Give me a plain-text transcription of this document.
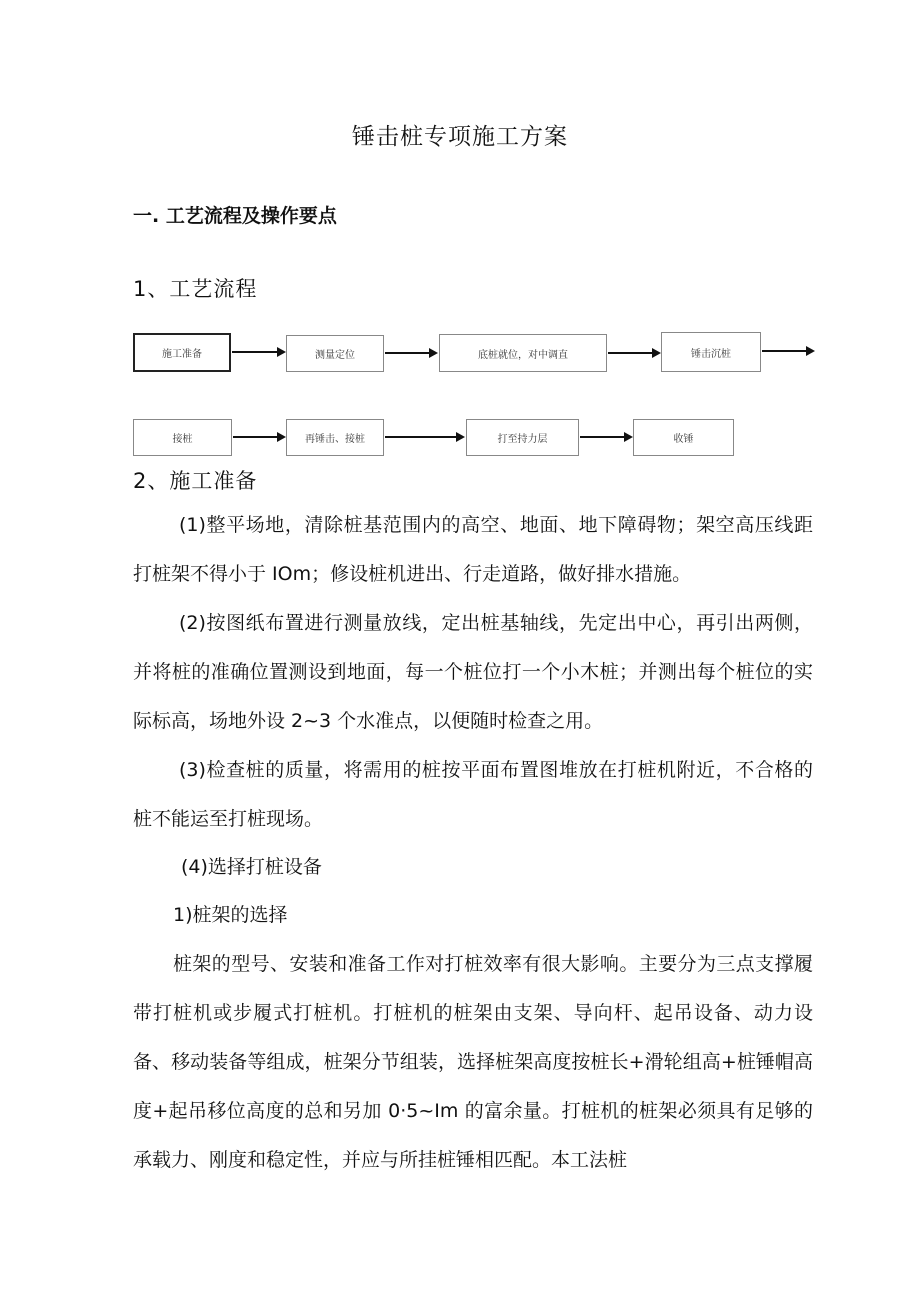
锤击桩专项施工方案
一. 工艺流程及操作要点
1、工艺流程
施工准备	测量定位	底桩就位，对中调直	锤击沉桩
接桩	再锤击、接桩	打至持力层	收锤
2、施工准备

(1)整平场地，清除桩基范围内的高空、地面、地下障碍物；架空高压线距打桩架不得小于 IOm；修设桩机进出、行走道路，做好排水措施。

(2)按图纸布置进行测量放线，定出桩基轴线，先定出中心，再引出两侧，并将桩的准确位置测设到地面，每一个桩位打一个小木桩；并测出每个桩位的实际标高，场地外设 2~3 个水准点，以便随时检查之用。

(3)检查桩的质量，将需用的桩按平面布置图堆放在打桩机附近，不合格的桩不能运至打桩现场。

(4)选择打桩设备

1)桩架的选择

桩架的型号、安装和准备工作对打桩效率有很大影响。主要分为三点支撑履带打桩机或步履式打桩机。打桩机的桩架由支架、导向杆、起吊设备、动力设备、移动装备等组成，桩架分节组装，选择桩架高度按桩长+滑轮组高+桩锤帽高度+起吊移位高度的总和另加 0·5~Im 的富余量。打桩机的桩架必须具有足够的承载力、刚度和稳定性，并应与所挂桩锤相匹配。本工法桩
